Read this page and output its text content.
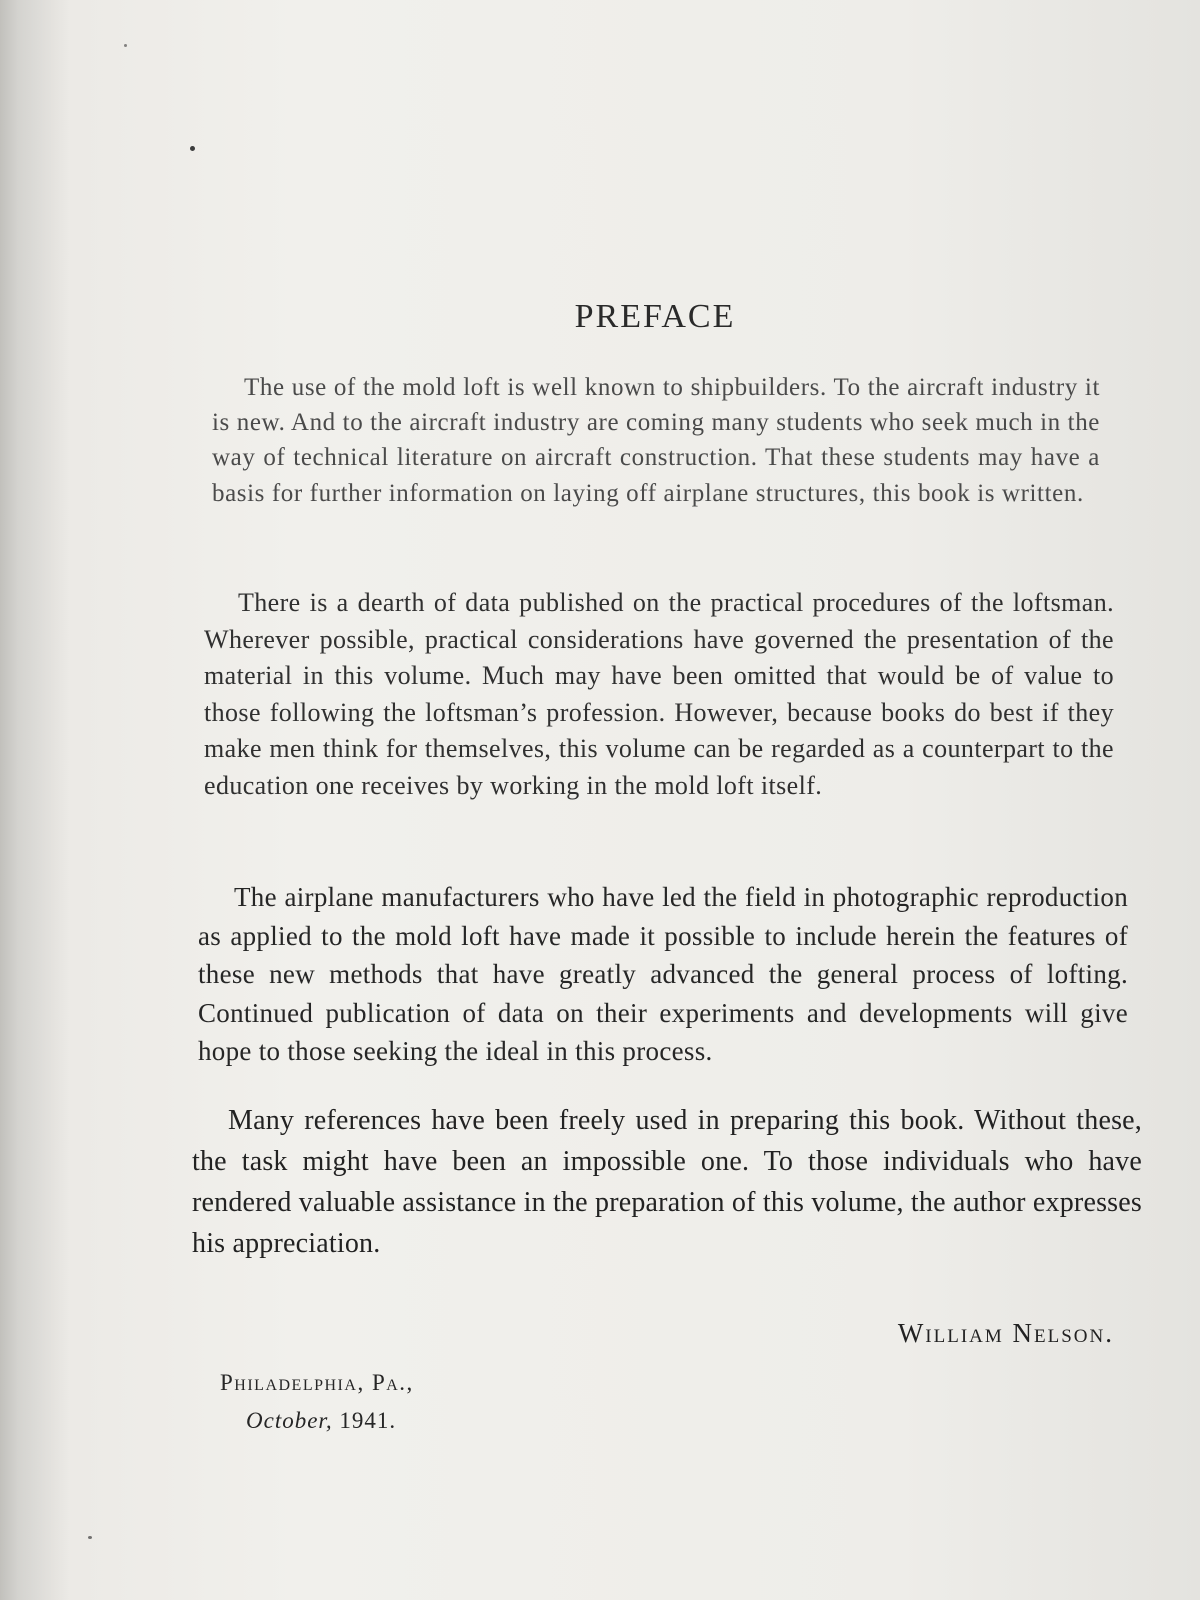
PREFACE

The use of the mold loft is well known to shipbuilders. To the aircraft industry it is new. And to the aircraft industry are coming many students who seek much in the way of technical literature on aircraft construction. That these students may have a basis for further information on laying off airplane structures, this book is written.

There is a dearth of data published on the practical procedures of the loftsman. Wherever possible, practical considerations have governed the presentation of the material in this volume. Much may have been omitted that would be of value to those following the loftsman’s profession. However, because books do best if they make men think for themselves, this volume can be regarded as a counterpart to the education one receives by working in the mold loft itself.

The airplane manufacturers who have led the field in photographic reproduction as applied to the mold loft have made it possible to include herein the features of these new methods that have greatly advanced the general process of lofting. Continued publication of data on their experiments and developments will give hope to those seeking the ideal in this process.

Many references have been freely used in preparing this book. Without these, the task might have been an impossible one. To those individuals who have rendered valuable assistance in the preparation of this volume, the author expresses his appreciation.

William Nelson.

Philadelphia, Pa.,

October, 1941.
